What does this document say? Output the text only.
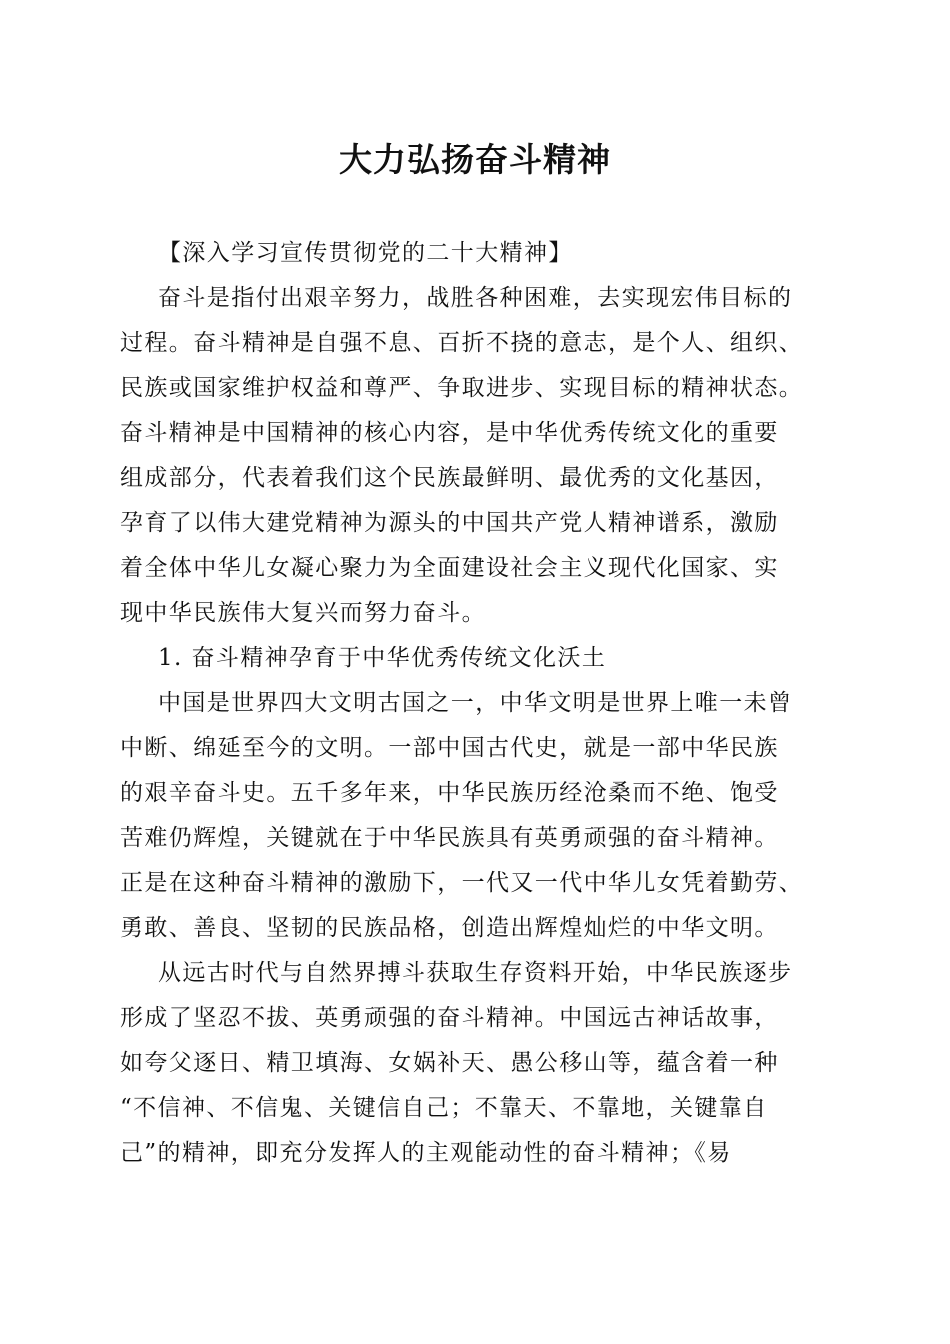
大力弘扬奋斗精神
【深入学习宣传贯彻党的二十大精神】
奋斗是指付出艰辛努力，战胜各种困难，去实现宏伟目标的
过程。奋斗精神是自强不息、百折不挠的意志，是个人、组织、
民族或国家维护权益和尊严、争取进步、实现目标的精神状态。
奋斗精神是中国精神的核心内容，是中华优秀传统文化的重要
组成部分，代表着我们这个民族最鲜明、最优秀的文化基因，
孕育了以伟大建党精神为源头的中国共产党人精神谱系，激励
着全体中华儿女凝心聚力为全面建设社会主义现代化国家、实
现中华民族伟大复兴而努力奋斗。
1. 奋斗精神孕育于中华优秀传统文化沃土
中国是世界四大文明古国之一，中华文明是世界上唯一未曾
中断、绵延至今的文明。一部中国古代史，就是一部中华民族
的艰辛奋斗史。五千多年来，中华民族历经沧桑而不绝、饱受
苦难仍辉煌，关键就在于中华民族具有英勇顽强的奋斗精神。
正是在这种奋斗精神的激励下，一代又一代中华儿女凭着勤劳、
勇敢、善良、坚韧的民族品格，创造出辉煌灿烂的中华文明。
从远古时代与自然界搏斗获取生存资料开始，中华民族逐步
形成了坚忍不拔、英勇顽强的奋斗精神。中国远古神话故事，
如夸父逐日、精卫填海、女娲补天、愚公移山等，蕴含着一种
“不信神、不信鬼、关键信自己；不靠天、不靠地，关键靠自
己”的精神，即充分发挥人的主观能动性的奋斗精神；《易
